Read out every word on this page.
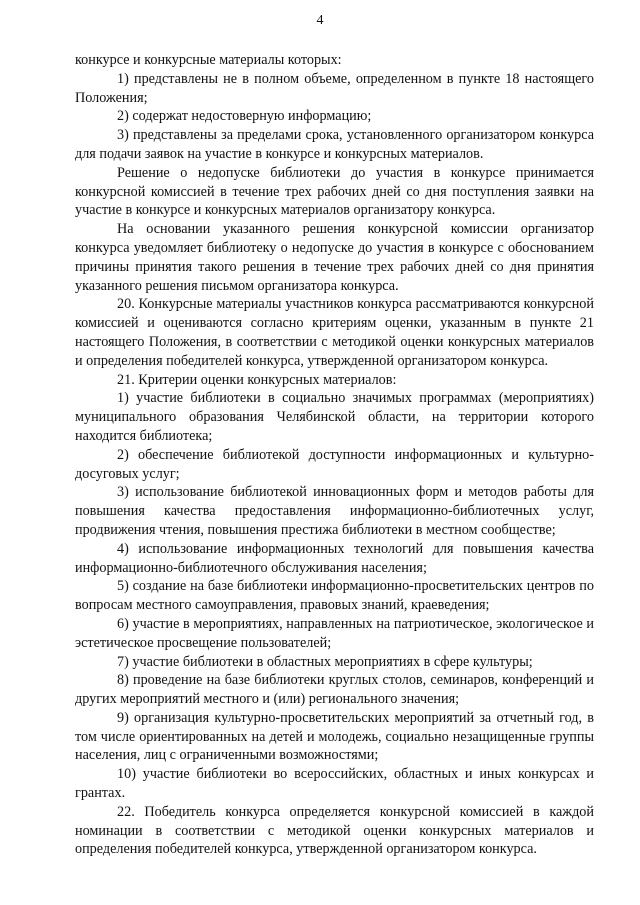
4

конкурсе и конкурсные материалы которых:

1) представлены не в полном объеме, определенном в пункте 18 настоящего Положения;

2) содержат недостоверную информацию;

3) представлены за пределами срока, установленного организатором конкурса для подачи заявок на участие в конкурсе и конкурсных материалов.

Решение о недопуске библиотеки до участия в конкурсе принимается конкурсной комиссией в течение трех рабочих дней со дня поступления заявки на участие в конкурсе и конкурсных материалов организатору конкурса.

На основании указанного решения конкурсной комиссии организатор конкурса уведомляет библиотеку о недопуске до участия в конкурсе с обоснованием причины принятия такого решения в течение трех рабочих дней со дня принятия указанного решения письмом организатора конкурса.

20. Конкурсные материалы участников конкурса рассматриваются конкурсной комиссией и оцениваются согласно критериям оценки, указанным в пункте 21 настоящего Положения, в соответствии с методикой оценки конкурсных материалов и определения победителей конкурса, утвержденной организатором конкурса.

21. Критерии оценки конкурсных материалов:

1) участие библиотеки в социально значимых программах (мероприятиях) муниципального образования Челябинской области, на территории которого находится библиотека;

2) обеспечение библиотекой доступности информационных и культурно-досуговых услуг;

3) использование библиотекой инновационных форм и методов работы для повышения качества предоставления информационно-библиотечных услуг, продвижения чтения, повышения престижа библиотеки в местном сообществе;

4) использование информационных технологий для повышения качества информационно-библиотечного обслуживания населения;

5) создание на базе библиотеки информационно-просветительских центров по вопросам местного самоуправления, правовых знаний, краеведения;

6) участие в мероприятиях, направленных на патриотическое, экологическое и эстетическое просвещение пользователей;

7) участие библиотеки в областных мероприятиях в сфере культуры;

8) проведение на базе библиотеки круглых столов, семинаров, конференций и других мероприятий местного и (или) регионального значения;

9) организация культурно-просветительских мероприятий за отчетный год, в том числе ориентированных на детей и молодежь, социально незащищенные группы населения, лиц с ограниченными возможностями;

10) участие библиотеки во всероссийских, областных и иных конкурсах и грантах.

22. Победитель конкурса определяется конкурсной комиссией в каждой номинации в соответствии с методикой оценки конкурсных материалов и определения победителей конкурса, утвержденной организатором конкурса.
